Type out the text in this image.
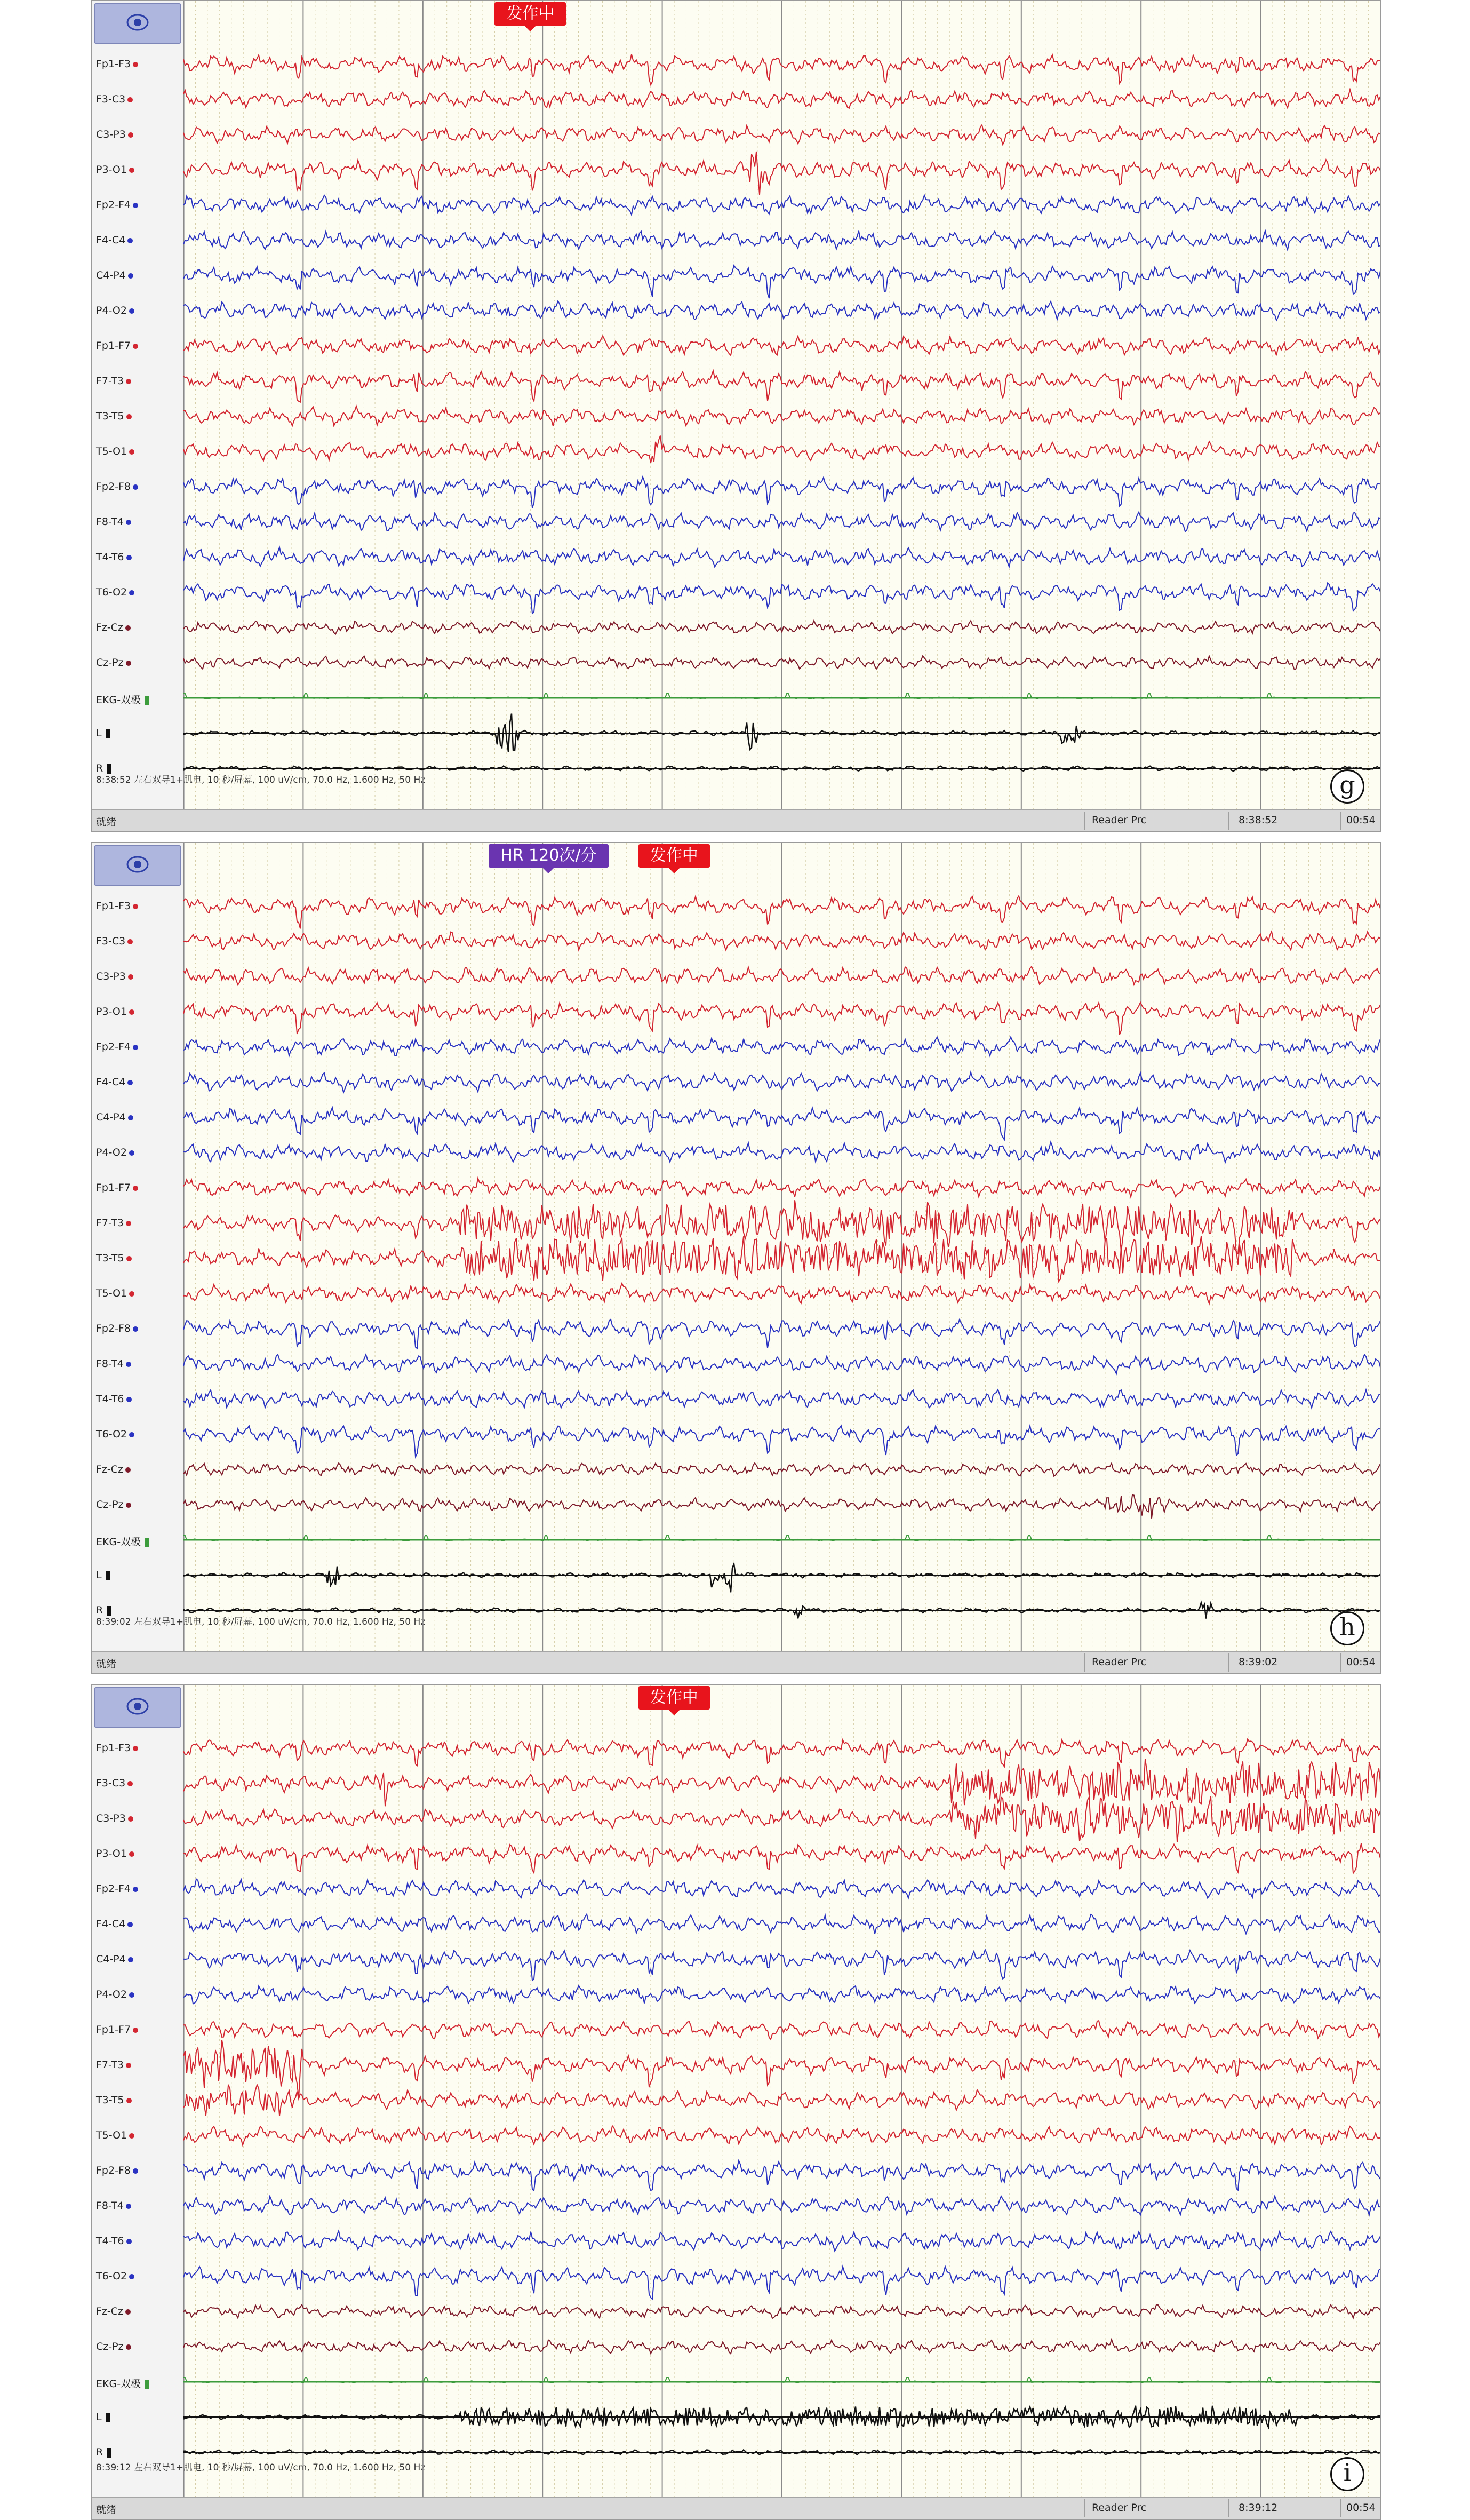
Fp1-F3
F3-C3
C3-P3
P3-O1
Fp2-F4
F4-C4
C4-P4
P4-O2
Fp1-F7
F7-T3
T3-T5
T5-O1
Fp2-F8
F8-T4
T4-T6
T6-O2
Fz-Cz
Cz-Pz
EKG-双极
L
R
8:38:52 左右双导1+肌电, 10 秒/屏幕, 100 uV/cm, 70.0 Hz, 1.600 Hz, 50 Hz
发作中
g
就绪	Reader Prc	8:38:52	00:54
Fp1-F3
F3-C3
C3-P3
P3-O1
Fp2-F4
F4-C4
C4-P4
P4-O2
Fp1-F7
F7-T3
T3-T5
T5-O1
Fp2-F8
F8-T4
T4-T6
T6-O2
Fz-Cz
Cz-Pz
EKG-双极
L
R
8:39:02 左右双导1+肌电, 10 秒/屏幕, 100 uV/cm, 70.0 Hz, 1.600 Hz, 50 Hz
HR 120次/分	发作中
h
就绪	Reader Prc	8:39:02	00:54
Fp1-F3
F3-C3
C3-P3
P3-O1
Fp2-F4
F4-C4
C4-P4
P4-O2
Fp1-F7
F7-T3
T3-T5
T5-O1
Fp2-F8
F8-T4
T4-T6
T6-O2
Fz-Cz
Cz-Pz
EKG-双极
L
R
8:39:12 左右双导1+肌电, 10 秒/屏幕, 100 uV/cm, 70.0 Hz, 1.600 Hz, 50 Hz
发作中
i
就绪	Reader Prc	8:39:12	00:54
